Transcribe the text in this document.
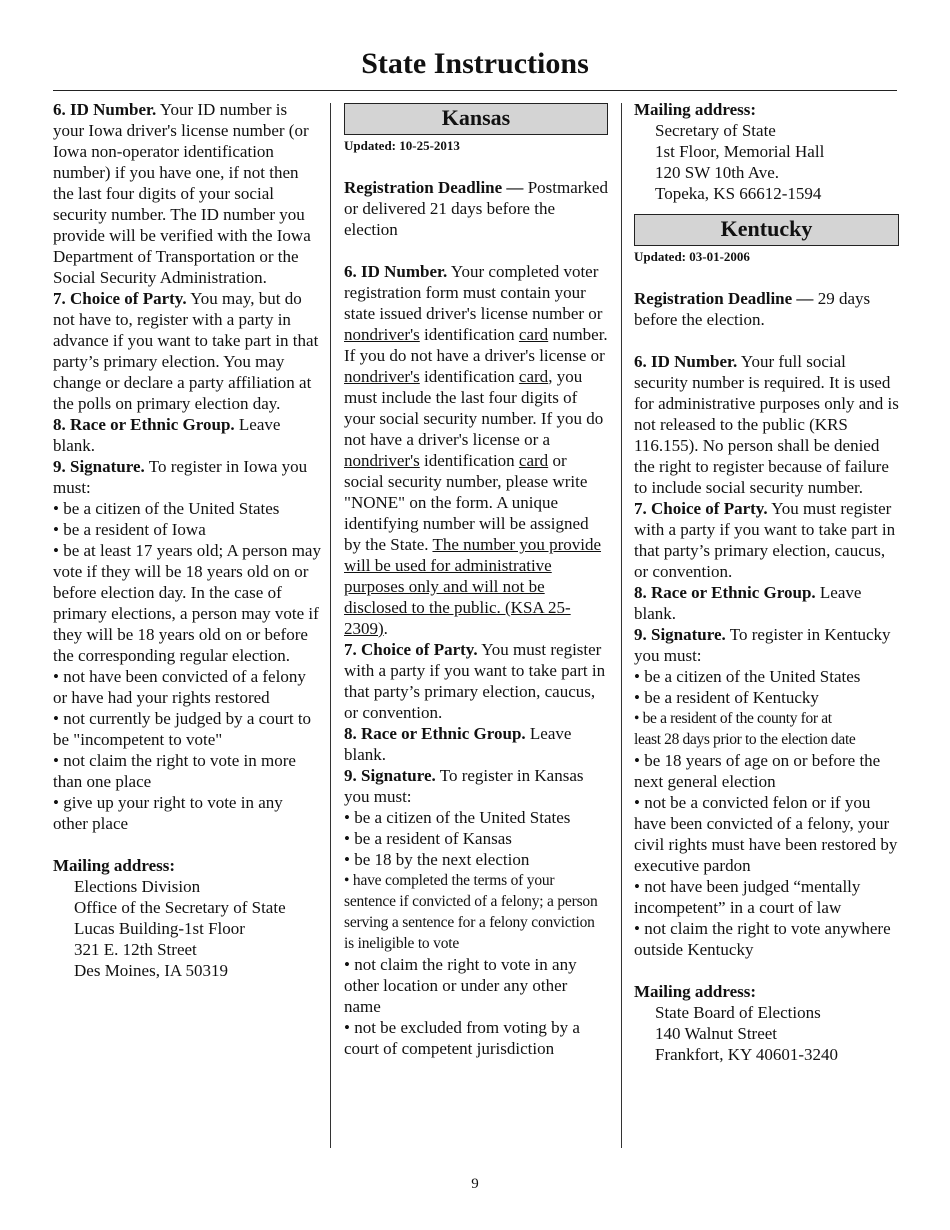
State Instructions

6. ID Number. Your ID number is your Iowa driver's license number (or Iowa non-operator identification number) if you have one, if not then the last four digits of your social security number. The ID number you provide will be verified with the Iowa Department of Transportation or the Social Security Administration.

7. Choice of Party. You may, but do not have to, register with a party in advance if you want to take part in that party’s primary election. You may change or declare a party affiliation at the polls on primary election day.

8. Race or Ethnic Group. Leave blank.

9. Signature. To register in Iowa you must:

• be a citizen of the United States

• be a resident of Iowa

• be at least 17 years old; A person may vote if they will be 18 years old on or before election day. In the case of primary elections, a person may vote if they will be 18 years old on or before the corresponding regular election.

• not have been convicted of a felony or have had your rights restored

• not currently be judged by a court to be "incompetent to vote"

• not claim the right to vote in more than one place

• give up your right to vote in any other place

Mailing address:

Elections Division

Office of the Secretary of State

Lucas Building-1st Floor

321 E. 12th Street

Des Moines, IA 50319

Kansas

Updated: 10-25-2013

Registration Deadline — Postmarked or delivered 21 days before the election

6. ID Number. Your completed voter registration form must contain your state issued driver's license number or nondriver's identification card number. If you do not have a driver's license or nondriver's identification card, you must include the last four digits of your social security number. If you do not have a driver's license or a nondriver's identification card or social security number, please write "NONE" on the form. A unique identifying number will be assigned by the State. The number you provide will be used for administrative purposes only and will not be disclosed to the public. (KSA 25-2309).

7. Choice of Party. You must register with a party if you want to take part in that party’s primary election, caucus, or convention.

8. Race or Ethnic Group. Leave blank.

9. Signature. To register in Kansas you must:

• be a citizen of the United States

• be a resident of Kansas

• be 18 by the next election

• have completed the terms of your sentence if convicted of a felony; a person serving a sentence for a felony conviction is ineligible to vote

• not claim the right to vote in any other location or under any other name

• not be excluded from voting by a court of competent jurisdiction

Mailing address:

Secretary of State

1st Floor, Memorial Hall

120 SW 10th Ave.

Topeka, KS 66612-1594

Kentucky

Updated: 03-01-2006

Registration Deadline — 29 days before the election.

6. ID Number. Your full social security number is required. It is used for administrative purposes only and is not released to the public (KRS 116.155). No person shall be denied the right to register because of failure to include social security number.

7. Choice of Party. You must register with a party if you want to take part in that party’s primary election, caucus, or convention.

8. Race or Ethnic Group. Leave blank.

9. Signature. To register in Kentucky you must:

• be a citizen of the United States

• be a resident of Kentucky

• be a resident of the county for at

least 28 days prior to the election date

• be 18 years of age on or before the next general election

• not be a convicted felon or if you have been convicted of a felony, your civil rights must have been restored by executive pardon

• not have been judged “mentally incompetent” in a court of law

• not claim the right to vote anywhere outside Kentucky

Mailing address:

State Board of Elections

140 Walnut Street

Frankfort, KY 40601-3240

9
